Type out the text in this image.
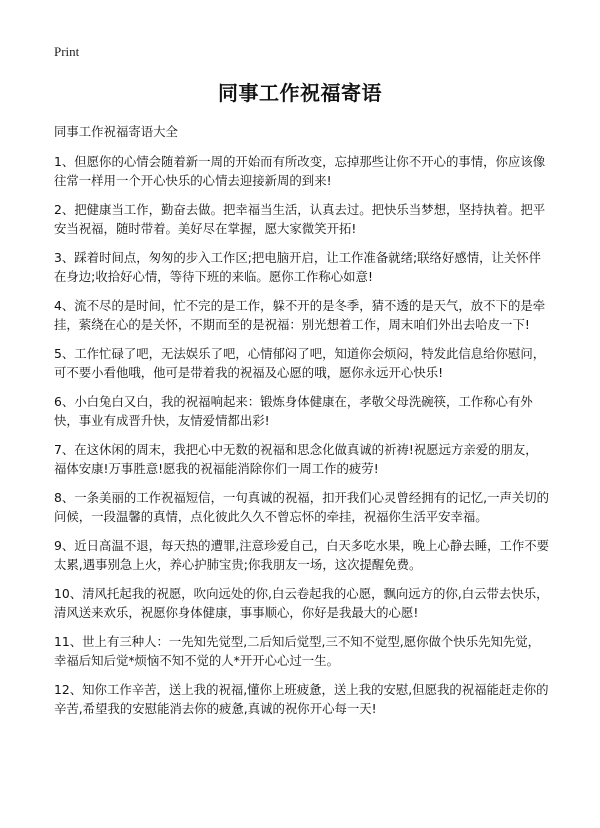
Print
同事工作祝福寄语

同事工作祝福寄语大全

1、但愿你的心情会随着新一周的开始而有所改变，忘掉那些让你不开心的事情，你应该像往常一样用一个开心快乐的心情去迎接新周的到来!

2、把健康当工作，勤奋去做。把幸福当生活，认真去过。把快乐当梦想，坚持执着。把平安当祝福，随时带着。美好尽在掌握，愿大家微笑开拓!

3、踩着时间点，匆匆的步入工作区;把电脑开启，让工作准备就绪;联络好感情，让关怀伴在身边;收拾好心情，等待下班的来临。愿你工作称心如意!

4、流不尽的是时间，忙不完的是工作，躲不开的是冬季，猜不透的是天气，放不下的是牵挂，萦绕在心的是关怀，不期而至的是祝福：别光想着工作，周末咱们外出去哈皮一下!

5、工作忙碌了吧，无法娱乐了吧，心情郁闷了吧，知道你会烦闷，特发此信息给你慰问，可不要小看他哦，他可是带着我的祝福及心愿的哦，愿你永远开心快乐!

6、小白兔白又白，我的祝福响起来：锻炼身体健康在，孝敬父母洗碗筷，工作称心有外快，事业有成晋升快，友情爱情都出彩!

7、在这休闲的周末，我把心中无数的祝福和思念化做真诚的祈祷!祝愿远方亲爱的朋友，福体安康!万事胜意!愿我的祝福能消除你们一周工作的疲劳!

8、一条美丽的工作祝福短信，一句真诚的祝福，扣开我们心灵曾经拥有的记忆,一声关切的问候，一段温馨的真情，点化彼此久久不曾忘怀的牵挂，祝福你生活平安幸福。

9、近日高温不退，每天热的遭罪,注意珍爱自己，白天多吃水果，晚上心静去睡，工作不要太累,遇事别急上火，养心护肺宝贵;你我朋友一场，这次提醒免费。

10、清风托起我的祝愿，吹向远处的你,白云卷起我的心愿，飘向远方的你,白云带去快乐，清风送来欢乐，祝愿你身体健康，事事顺心，你好是我最大的心愿!

11、世上有三种人：一先知先觉型,二后知后觉型,三不知不觉型,愿你做个快乐先知先觉，幸福后知后觉*烦恼不知不觉的人*开开心心过一生。

12、知你工作辛苦，送上我的祝福,懂你上班疲惫，送上我的安慰,但愿我的祝福能赶走你的辛苦,希望我的安慰能消去你的疲惫,真诚的祝你开心每一天!
